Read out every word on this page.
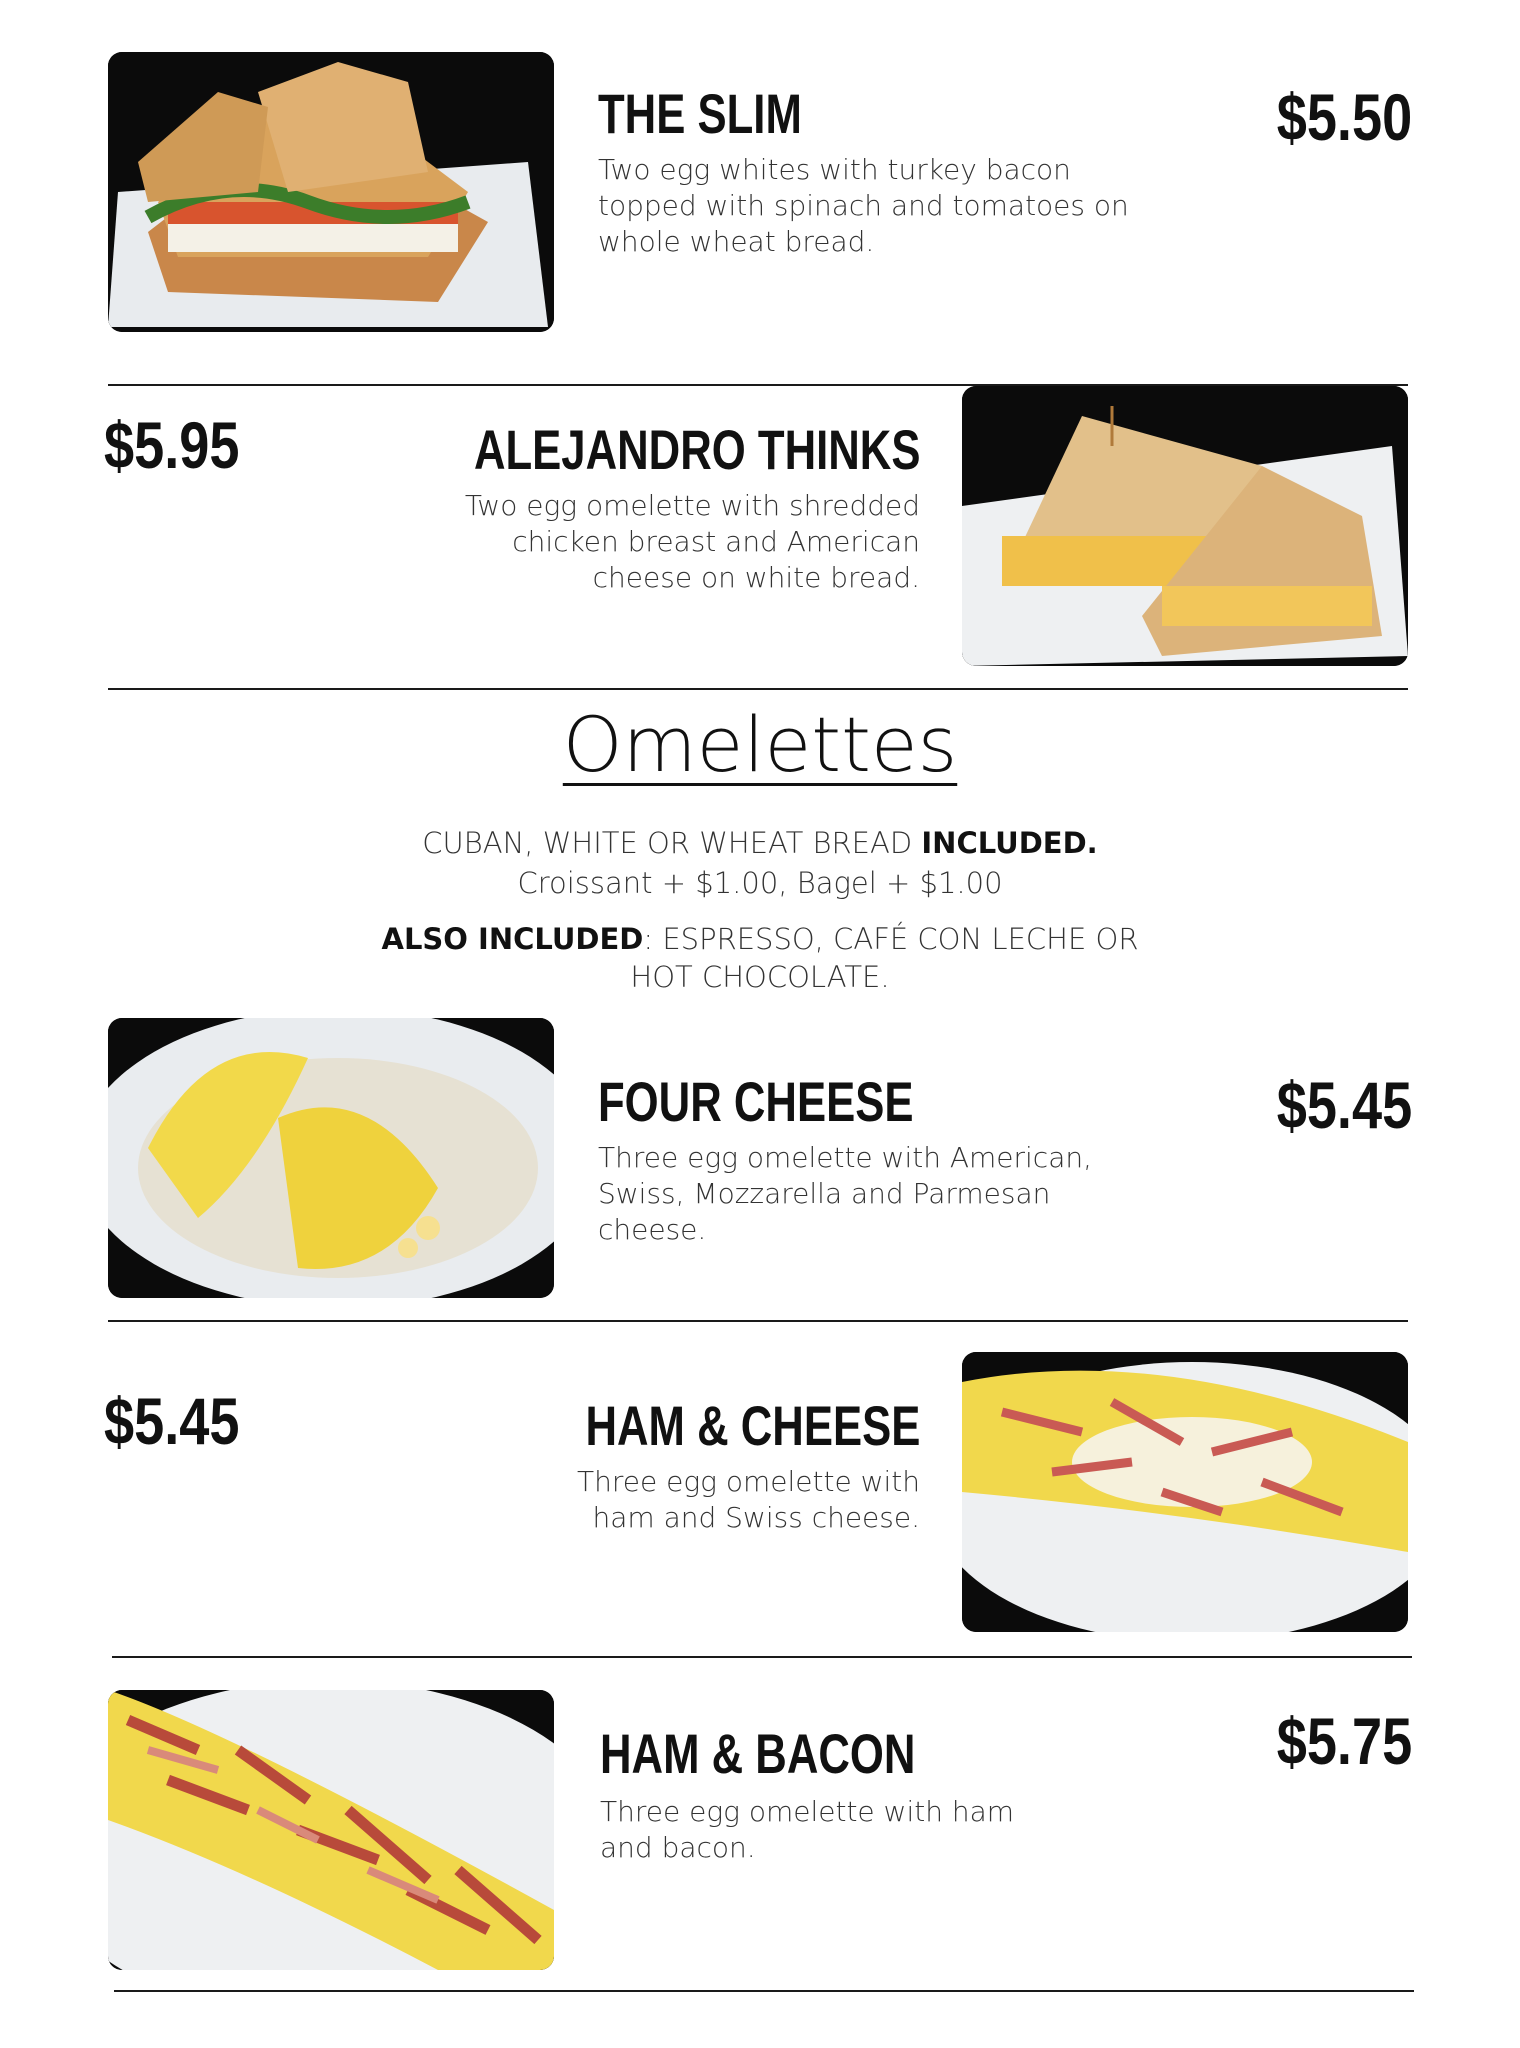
THE SLIM	$5.50

Two egg whites with turkey bacon
topped with spinach and tomatoes on
whole wheat bread.

$5.95	ALEJANDRO THINKS

Two egg omelette with shredded
chicken breast and American
cheese on white bread.

Omelettes

CUBAN, WHITE OR WHEAT BREAD INCLUDED.

Croissant + $1.00, Bagel + $1.00

ALSO INCLUDED: ESPRESSO, CAFÉ CON LECHE OR

HOT CHOCOLATE.

FOUR CHEESE	$5.45

Three egg omelette with American,
Swiss, Mozzarella and Parmesan
cheese.

$5.45	HAM & CHEESE

Three egg omelette with
ham and Swiss cheese.

HAM & BACON	$5.75

Three egg omelette with ham
and bacon.
